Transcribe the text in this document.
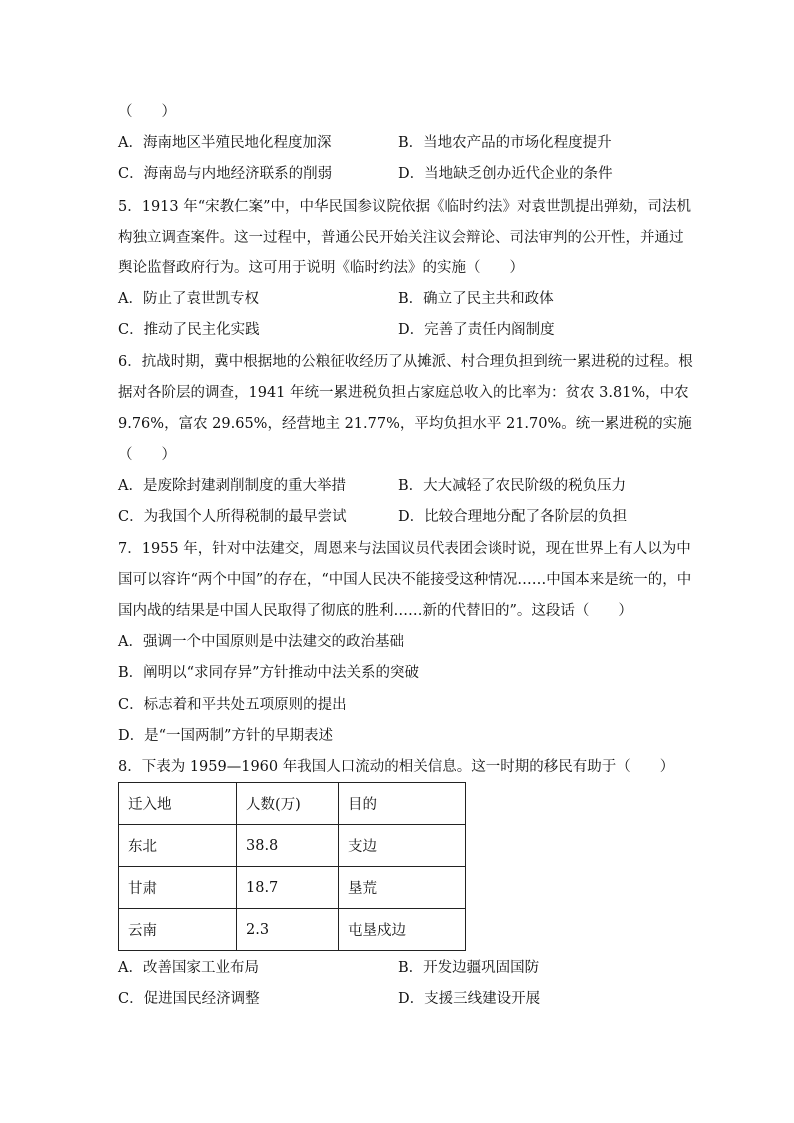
（　　）
A．海南地区半殖民地化程度加深	B．当地农产品的市场化程度提升
C．海南岛与内地经济联系的削弱	D．当地缺乏创办近代企业的条件
5．1913 年“宋教仁案”中，中华民国参议院依据《临时约法》对袁世凯提出弹劾，司法机
构独立调查案件。这一过程中，普通公民开始关注议会辩论、司法审判的公开性，并通过
舆论监督政府行为。这可用于说明《临时约法》的实施（　　）
A．防止了袁世凯专权	B．确立了民主共和政体
C．推动了民主化实践	D．完善了责任内阁制度
6．抗战时期，冀中根据地的公粮征收经历了从摊派、村合理负担到统一累进税的过程。根
据对各阶层的调查，1941 年统一累进税负担占家庭总收入的比率为：贫农 3.81%，中农
9.76%，富农 29.65%，经营地主 21.77%，平均负担水平 21.70%。统一累进税的实施
（　　）
A．是废除封建剥削制度的重大举措	B．大大减轻了农民阶级的税负压力
C．为我国个人所得税制的最早尝试	D．比较合理地分配了各阶层的负担
7．1955 年，针对中法建交，周恩来与法国议员代表团会谈时说，现在世界上有人以为中
国可以容许“两个中国”的存在，“中国人民决不能接受这种情况……中国本来是统一的，中
国内战的结果是中国人民取得了彻底的胜利……新的代替旧的”。这段话（　　）
A．强调一个中国原则是中法建交的政治基础
B．阐明以“求同存异”方针推动中法关系的突破
C．标志着和平共处五项原则的提出
D．是“一国两制”方针的早期表述
8．下表为 1959—1960 年我国人口流动的相关信息。这一时期的移民有助于（　　）
迁入地	人数(万)	目的
东北	38.8	支边
甘肃	18.7	垦荒
云南	2.3	屯垦戍边
A．改善国家工业布局	B．开发边疆巩固国防
C．促进国民经济调整	D．支援三线建设开展
